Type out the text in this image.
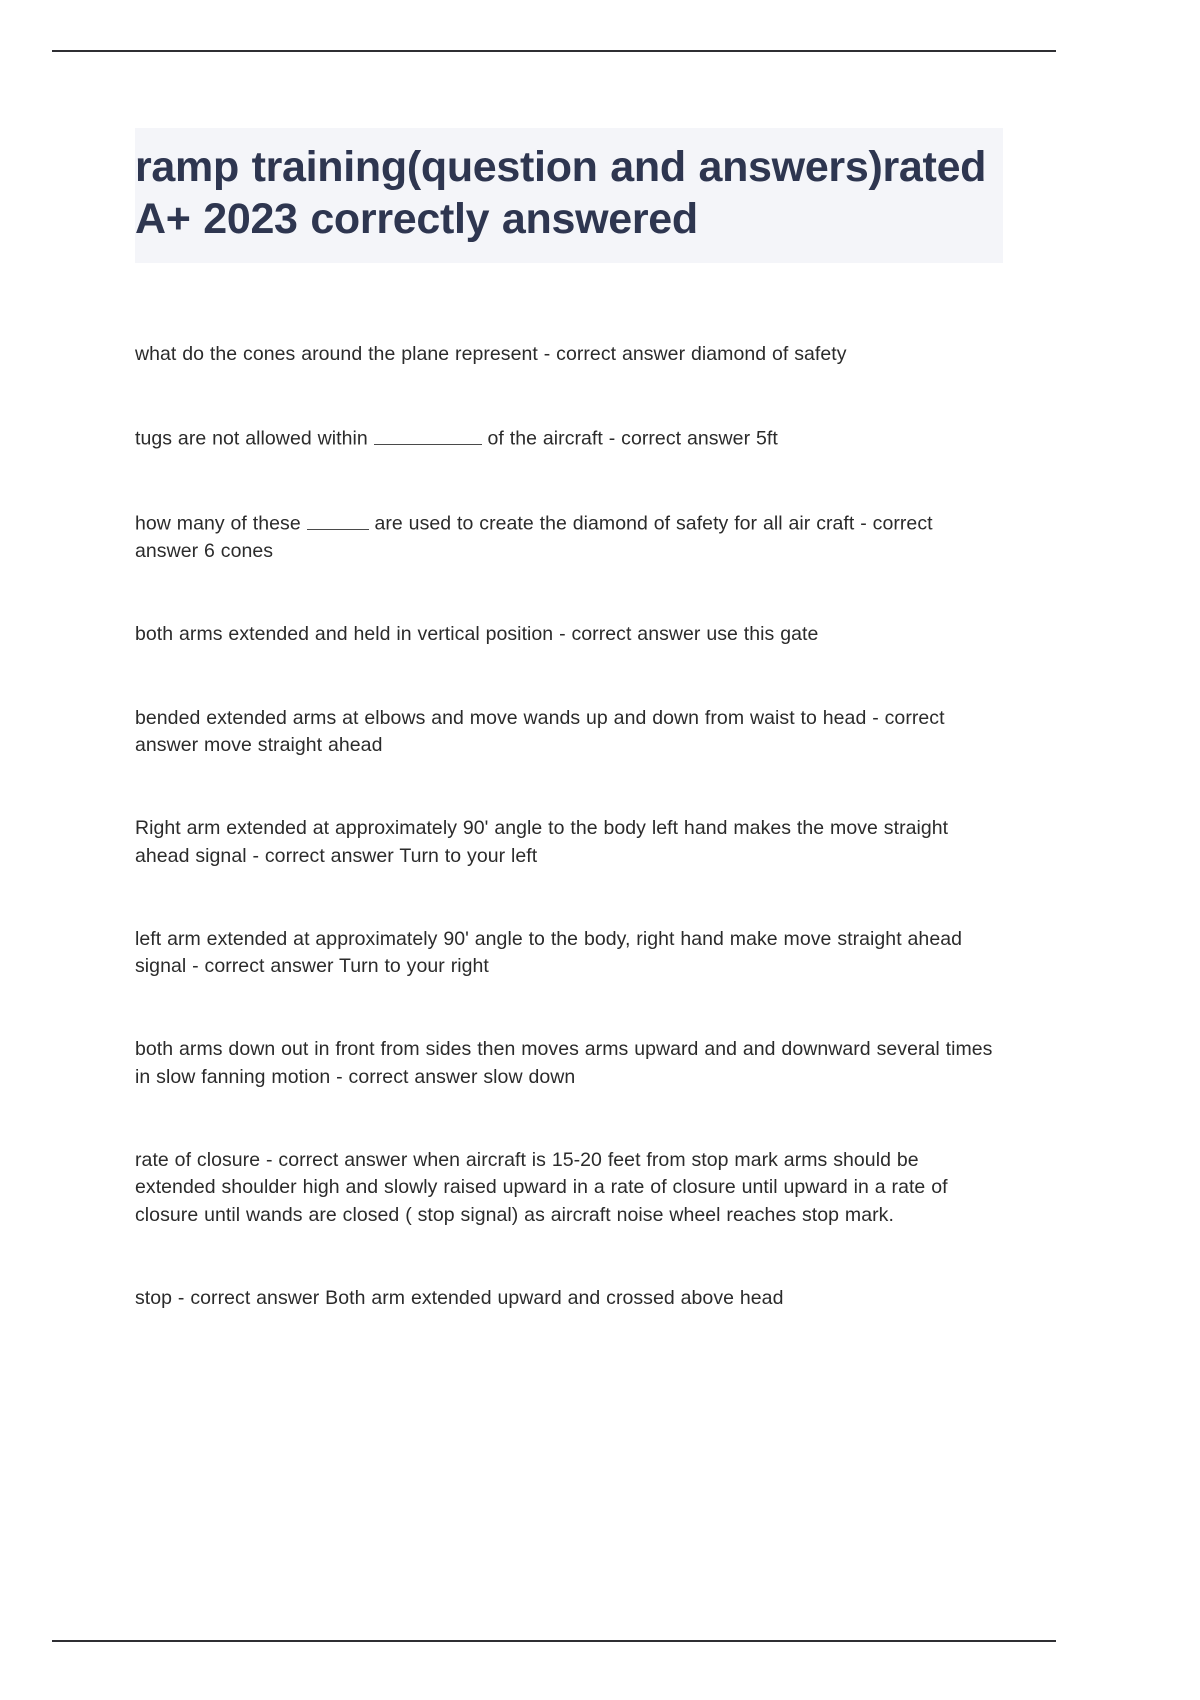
ramp training(question and answers)rated A+ 2023 correctly answered

what do the cones around the plane represent - correct answer diamond of safety

tugs are not allowed within	of the aircraft - correct answer 5ft

how many of these	are used to create the diamond of safety for all air craft - correct answer 6 cones

both arms extended and held in vertical position - correct answer use this gate

bended extended arms at elbows and move wands up and down from waist to head - correct answer move straight ahead

Right arm extended at approximately 90' angle to the body left hand makes the move straight ahead signal - correct answer Turn to your left

left arm extended at approximately 90' angle to the body, right hand make move straight ahead signal - correct answer Turn to your right

both arms down out in front from sides then moves arms upward and and downward several times in slow fanning motion - correct answer slow down

rate of closure - correct answer when aircraft is 15-20 feet from stop mark arms should be extended shoulder high and slowly raised upward in a rate of closure until upward in a rate of closure until wands are closed ( stop signal) as aircraft noise wheel reaches stop mark.

stop - correct answer Both arm extended upward and crossed above head
